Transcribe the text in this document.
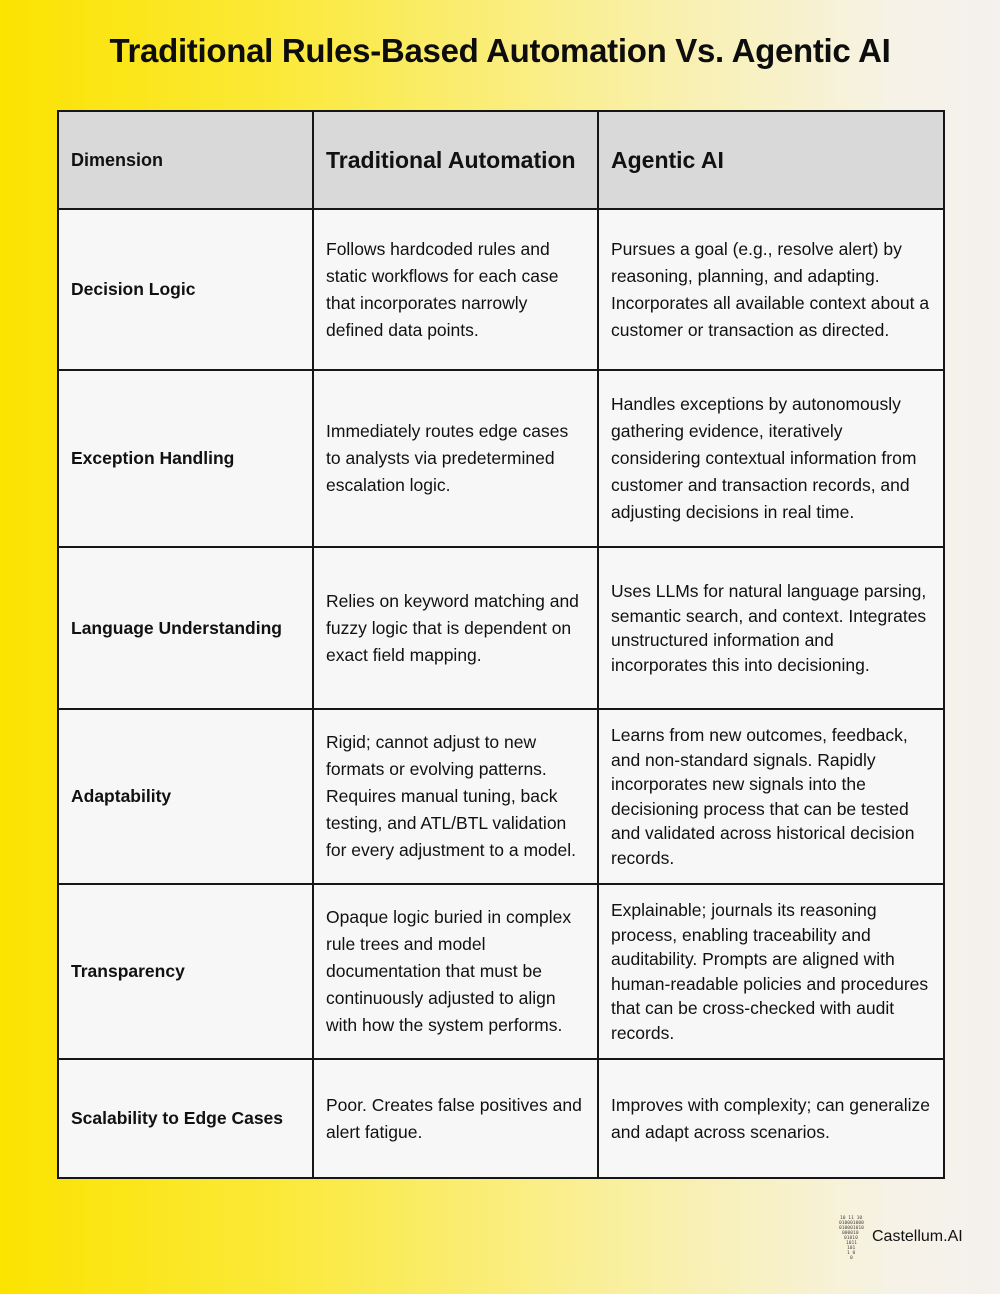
Traditional Rules-Based Automation Vs. Agentic AI
Dimension	Traditional Automation	Agentic AI
Decision Logic	Follows hardcoded rules and static workflows for each case that incorporates narrowly defined data points.	Pursues a goal (e.g., resolve alert) by reasoning, planning, and adapting. Incorporates all available context about a customer or transaction as directed.
Exception Handling	Immediately routes edge cases to analysts via predetermined escalation logic.	Handles exceptions by autonomously gathering evidence, iteratively considering contextual information from customer and transaction records, and adjusting decisions in real time.
Language Understanding	Relies on keyword matching and fuzzy logic that is dependent on exact field mapping.	Uses LLMs for natural language parsing, semantic search, and context. Integrates unstructured information and incorporates this into decisioning.
Adaptability	Rigid; cannot adjust to new formats or evolving patterns. Requires manual tuning, back testing, and ATL/BTL validation for every adjustment to a model.	Learns from new outcomes, feedback, and non-standard signals. Rapidly incorporates new signals into the decisioning process that can be tested and validated across historical decision records.
Transparency	Opaque logic buried in complex rule trees and model documentation that must be continuously adjusted to align with how the system performs.	Explainable; journals its reasoning process, enabling traceability and auditability. Prompts are aligned with human-readable policies and procedures that can be cross-checked with audit records.
Scalability to Edge Cases	Poor. Creates false positives and alert fatigue.	Improves with complexity; can generalize and adapt across scenarios.
10 11 10
010001000
010001010
000010
01010
1011
101
1 0
0
Castellum.AI
